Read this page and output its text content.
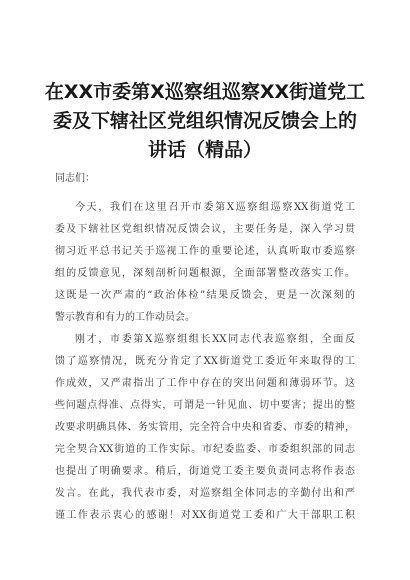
在XX市委第X巡察组巡察XX街道党工
委及下辖社区党组织情况反馈会上的
讲话（精品）
同志们：
今天，我们在这里召开市委第X巡察组巡察XX街道党工
委及下辖社区党组织情况反馈会议，主要任务是，深入学习贯
彻习近平总书记关于巡视工作的重要论述，认真听取市委巡察
组的反馈意见，深刻剖析问题根源，全面部署整改落实工作。
这既是一次严肃的“政治体检”结果反馈会，更是一次深刻的
警示教育和有力的工作动员会。
刚才，市委第X巡察组组长XX同志代表巡察组，全面反
馈了巡察情况，既充分肯定了XX街道党工委近年来取得的工
作成效，又严肃指出了工作中存在的突出问题和薄弱环节。这
些问题点得准、点得实，可谓是一针见血、切中要害；提出的整
改要求明确具体、务实管用，完全符合中央和省委、市委的精神，
完全契合XX街道的工作实际。市纪委监委、市委组织部的同志
也提出了明确要求。稍后，街道党工委主要负责同志将作表态
发言。在此，我代表市委，对巡察组全体同志的辛勤付出和严
谨工作表示衷心的感谢！对XX街道党工委和广大干部职工积
